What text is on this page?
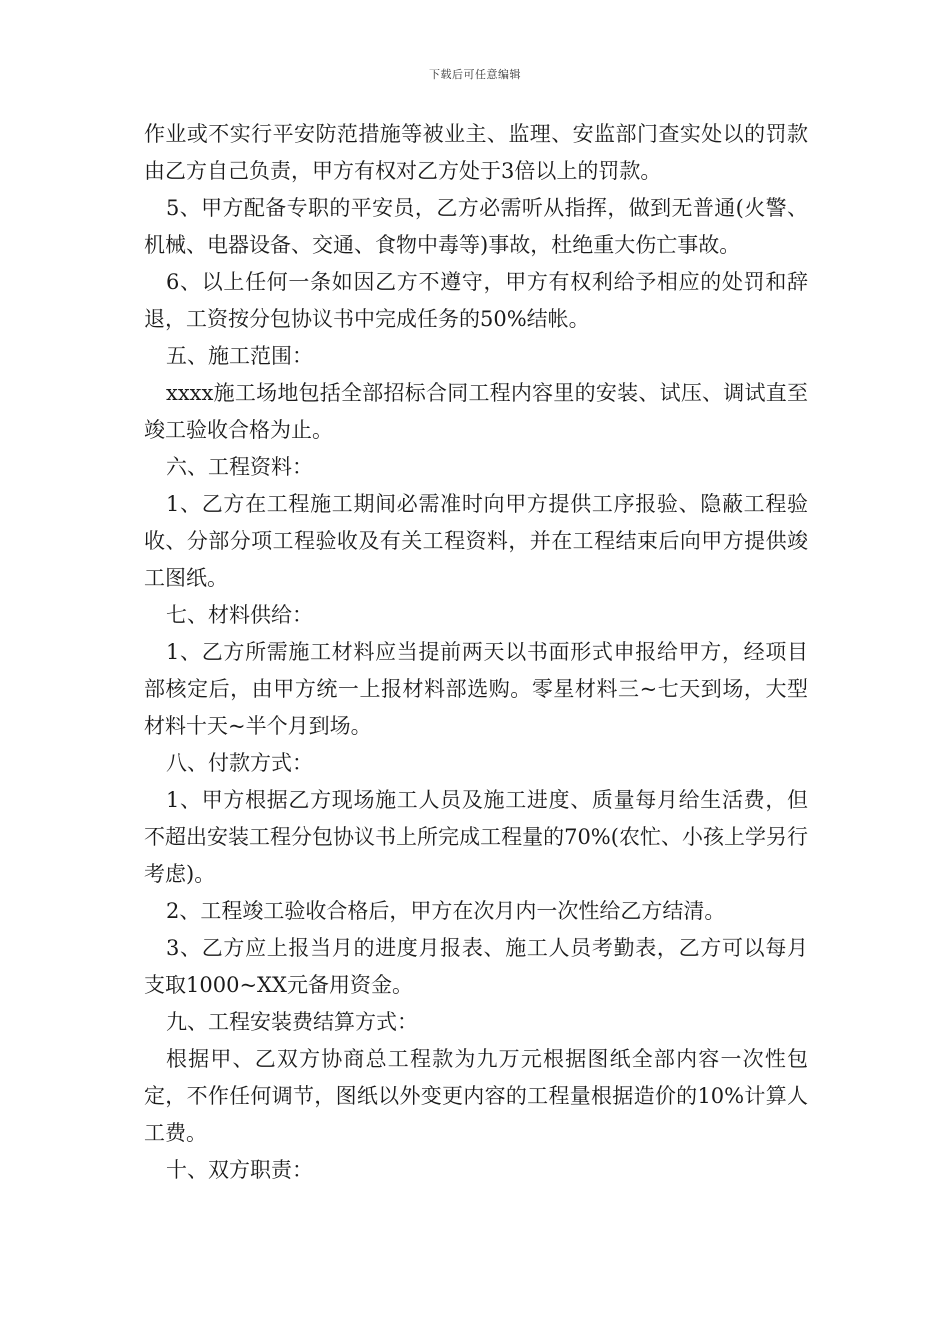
下载后可任意编辑

作业或不实行平安防范措施等被业主、监理、安监部门查实处以的罚款由乙方自己负责，甲方有权对乙方处于3倍以上的罚款。

5、甲方配备专职的平安员，乙方必需听从指挥，做到无普通(火警、机械、电器设备、交通、食物中毒等)事故，杜绝重大伤亡事故。

6、以上任何一条如因乙方不遵守，甲方有权利给予相应的处罚和辞退，工资按分包协议书中完成任务的50%结帐。

五、施工范围：

xxxx施工场地包括全部招标合同工程内容里的安装、试压、调试直至竣工验收合格为止。

六、工程资料：

1、乙方在工程施工期间必需准时向甲方提供工序报验、隐蔽工程验收、分部分项工程验收及有关工程资料，并在工程结束后向甲方提供竣工图纸。

七、材料供给：

1、乙方所需施工材料应当提前两天以书面形式申报给甲方，经项目部核定后，由甲方统一上报材料部选购。零星材料三~七天到场，大型材料十天~半个月到场。

八、付款方式：

1、甲方根据乙方现场施工人员及施工进度、质量每月给生活费，但不超出安装工程分包协议书上所完成工程量的70%(农忙、小孩上学另行考虑)。

2、工程竣工验收合格后，甲方在次月内一次性给乙方结清。

3、乙方应上报当月的进度月报表、施工人员考勤表，乙方可以每月支取1000~XX元备用资金。

九、工程安装费结算方式：

根据甲、乙双方协商总工程款为九万元根据图纸全部内容一次性包定，不作任何调节，图纸以外变更内容的工程量根据造价的10%计算人工费。

十、双方职责：
